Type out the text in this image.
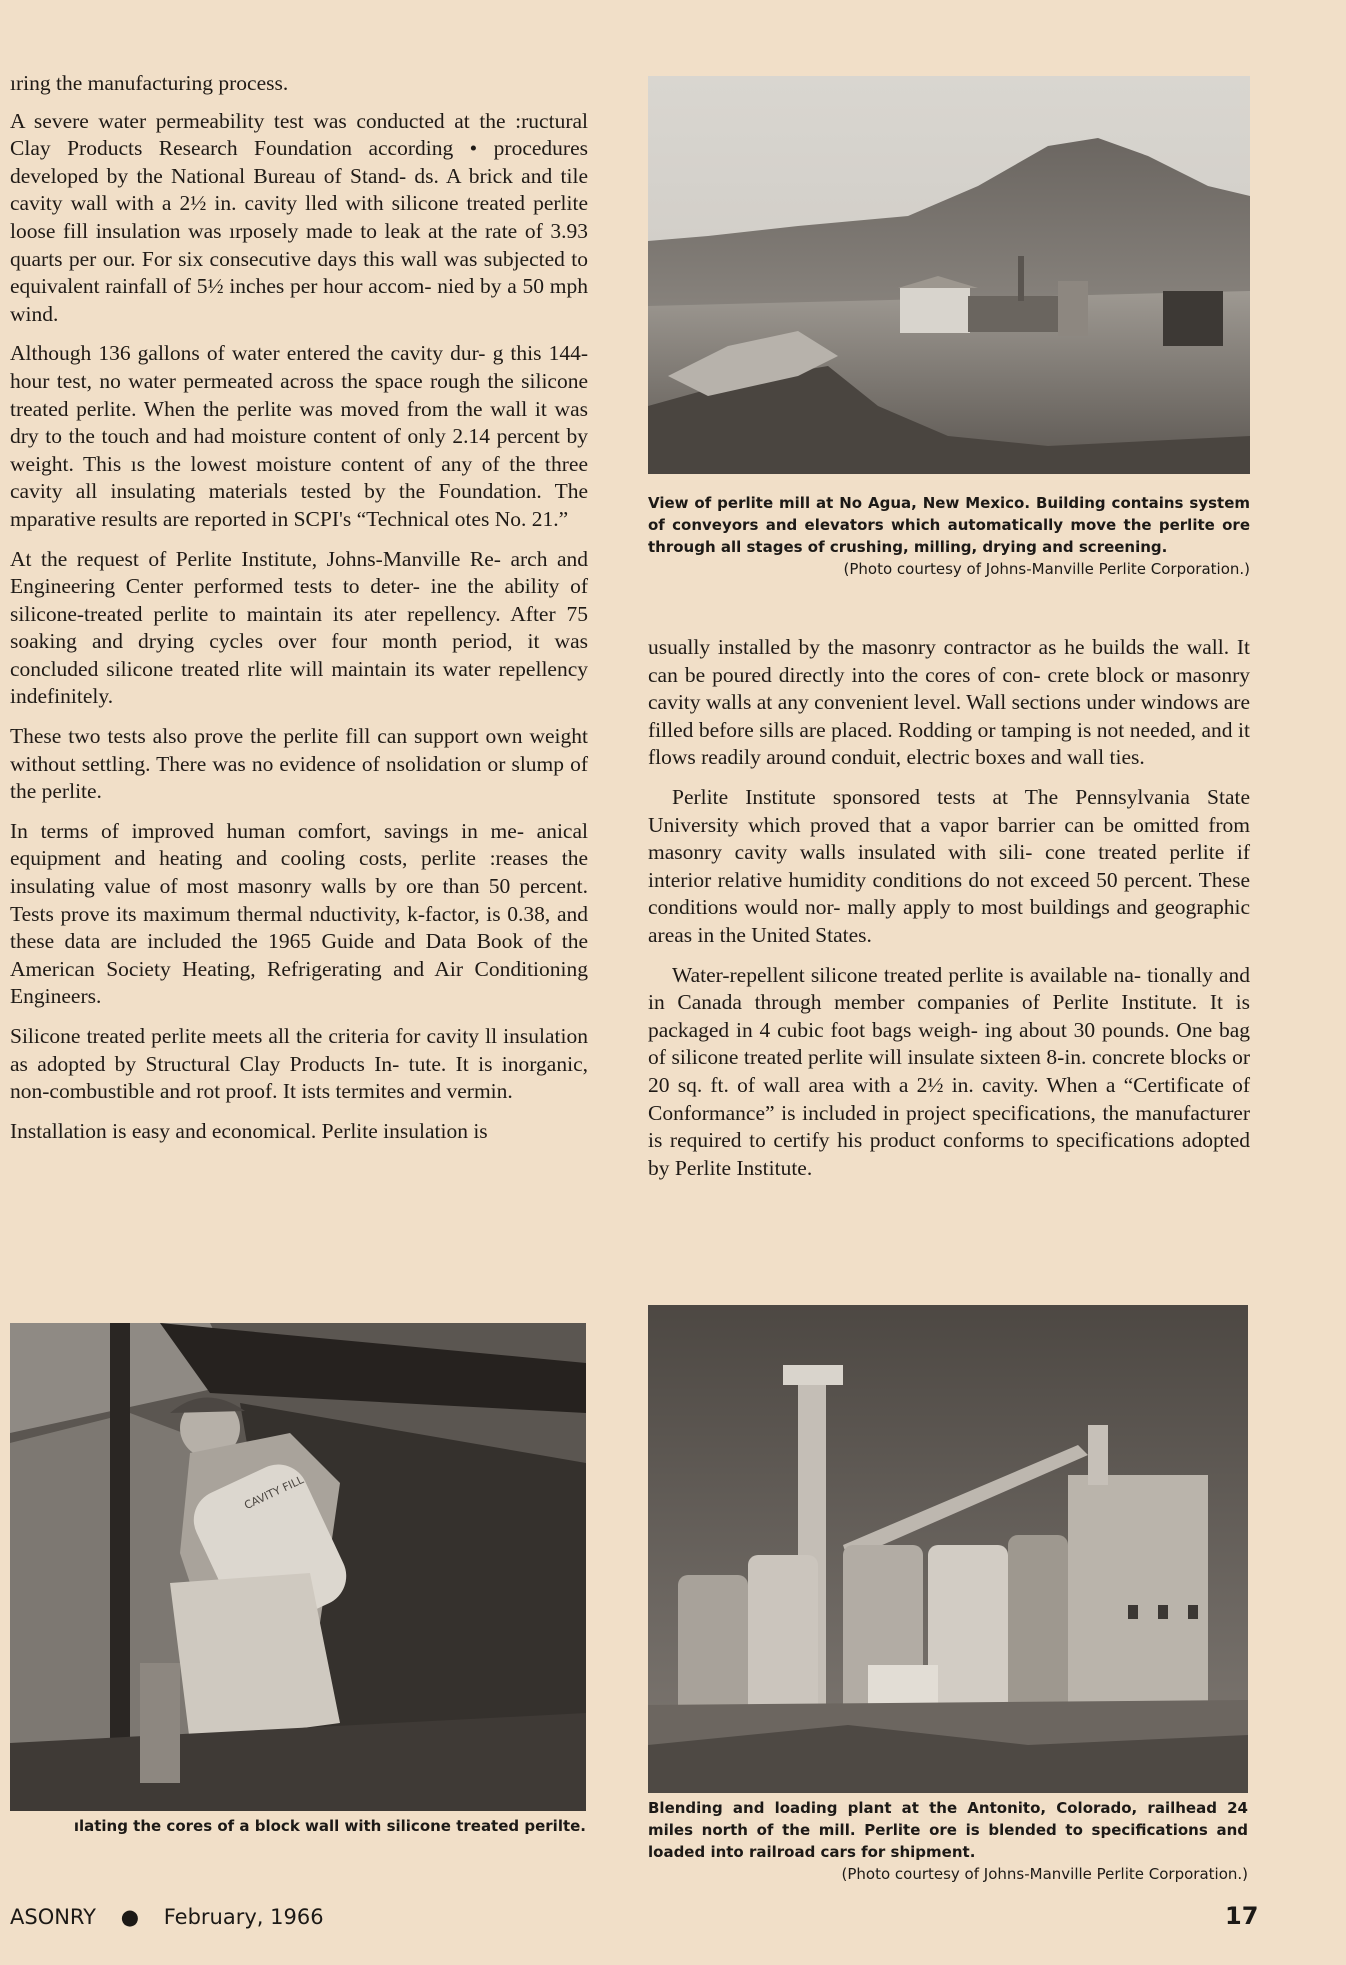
ıring the manufacturing process.

A severe water permeability test was conducted at the :ructural Clay Products Research Foundation according • procedures developed by the National Bureau of Stand- ds. A brick and tile cavity wall with a 2½ in. cavity lled with silicone treated perlite loose fill insulation was ırposely made to leak at the rate of 3.93 quarts per our. For six consecutive days this wall was subjected to equivalent rainfall of 5½ inches per hour accom- nied by a 50 mph wind.

Although 136 gallons of water entered the cavity dur- g this 144-hour test, no water permeated across the space rough the silicone treated perlite. When the perlite was moved from the wall it was dry to the touch and had moisture content of only 2.14 percent by weight. This ıs the lowest moisture content of any of the three cavity all insulating materials tested by the Foundation. The mparative results are reported in SCPI's “Technical otes No. 21.”

At the request of Perlite Institute, Johns-Manville Re- arch and Engineering Center performed tests to deter- ine the ability of silicone-treated perlite to maintain its ater repellency. After 75 soaking and drying cycles over four month period, it was concluded silicone treated rlite will maintain its water repellency indefinitely.

These two tests also prove the perlite fill can support own weight without settling. There was no evidence of nsolidation or slump of the perlite.

In terms of improved human comfort, savings in me- anical equipment and heating and cooling costs, perlite :reases the insulating value of most masonry walls by ore than 50 percent. Tests prove its maximum thermal nductivity, k-factor, is 0.38, and these data are included the 1965 Guide and Data Book of the American Society Heating, Refrigerating and Air Conditioning Engineers.

Silicone treated perlite meets all the criteria for cavity ll insulation as adopted by Structural Clay Products In- tute. It is inorganic, non-combustible and rot proof. It ists termites and vermin.

Installation is easy and economical. Perlite insulation is

View of perlite mill at No Agua, New Mexico. Building contains system of conveyors and elevators which automatically move the perlite ore through all stages of crushing, milling, drying and screening.
(Photo courtesy of Johns-Manville Perlite Corporation.)

usually installed by the masonry contractor as he builds the wall. It can be poured directly into the cores of con- crete block or masonry cavity walls at any convenient level. Wall sections under windows are filled before sills are placed. Rodding or tamping is not needed, and it flows readily around conduit, electric boxes and wall ties.

Perlite Institute sponsored tests at The Pennsylvania State University which proved that a vapor barrier can be omitted from masonry cavity walls insulated with sili- cone treated perlite if interior relative humidity conditions do not exceed 50 percent. These conditions would nor- mally apply to most buildings and geographic areas in the United States.

Water-repellent silicone treated perlite is available na- tionally and in Canada through member companies of Perlite Institute. It is packaged in 4 cubic foot bags weigh- ing about 30 pounds. One bag of silicone treated perlite will insulate sixteen 8-in. concrete blocks or 20 sq. ft. of wall area with a 2½ in. cavity. When a “Certificate of Conformance” is included in project specifications, the manufacturer is required to certify his product conforms to specifications adopted by Perlite Institute.

CAVITY FILL
ılating the cores of a block wall with silicone treated perilte.
Blending and loading plant at the Antonito, Colorado, railhead 24 miles north of the mill. Perlite ore is blended to specifications and loaded into railroad cars for shipment.
(Photo courtesy of Johns-Manville Perlite Corporation.)
ASONRY ● February, 1966	17
